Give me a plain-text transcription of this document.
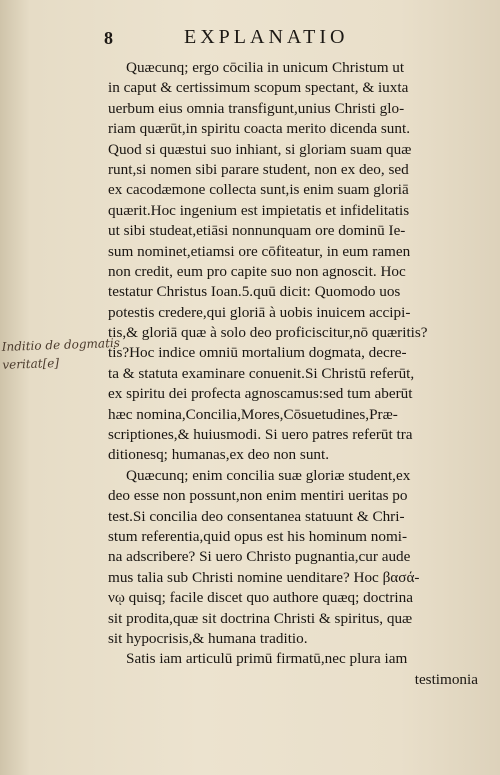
8	EXPLANATIO
Inditio de dogmatis
veritat[e]
Quæcunq; ergo cōcilia in unicum Christum ut
in caput & certissimum scopum spectant, & iuxta
uerbum eius omnia transfigunt,unius Christi glo-
riam quærūt,in spiritu coacta merito dicenda sunt.
Quod si quæstui suo inhiant, si gloriam suam quæ
runt,si nomen sibi parare student, non ex deo, sed
ex cacodæmone collecta sunt,is enim suam gloriā
quærit.Hoc ingenium est impietatis et infidelitatis
ut sibi studeat,etiāsi nonnunquam ore dominū Ie-
sum nominet,etiamsi ore cōfiteatur, in eum ramen
non credit, eum pro capite suo non agnoscit. Hoc
testatur Christus Ioan.5.quū dicit: Quomodo uos
potestis credere,qui gloriā à uobis inuicem accipi-
tis,& gloriā quæ à solo deo proficiscitur,nō quæritis?
tis?Hoc indice omniū mortalium dogmata, decre-
ta & statuta examinare conuenit.Si Christū referūt,
ex spiritu dei profecta agnoscamus:sed tum aberūt
hæc nomina,Concilia,Mores,Cōsuetudines,Præ-
scriptiones,& huiusmodi. Si uero patres referūt tra
ditionesq; humanas,ex deo non sunt.
Quæcunq; enim concilia suæ gloriæ student,ex
deo esse non possunt,non enim mentiri ueritas po
test.Si concilia deo consentanea statuunt & Chri-
stum referentia,quid opus est his hominum nomi-
na adscribere? Si uero Christo pugnantia,cur aude
mus talia sub Christi nomine uenditare? Hoc βασά-
νῳ quisq; facile discet quo authore quæq; doctrina
sit prodita,quæ sit doctrina Christi & spiritus, quæ
sit hypocrisis,& humana traditio.
Satis iam articulū primū firmatū,nec plura iam
testimonia
